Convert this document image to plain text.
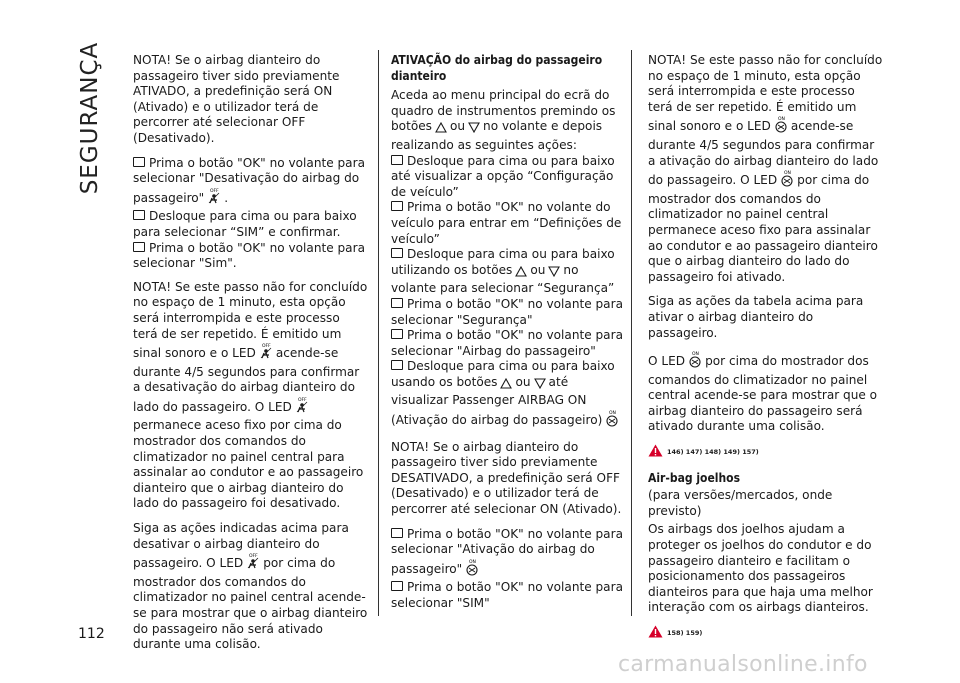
SEGURANÇA
112

NOTA! Se o airbag dianteiro do passageiro tiver sido previamente ATIVADO, a predefinição será ON (Ativado) e o utilizador terá de percorrer até selecionar OFF (Desativado).

Prima o botão "OK" no volante para selecionar "Desativação do airbag do passageiro" OFF .

Desloque para cima ou para baixo para selecionar “SIM” e confirmar.

Prima o botão "OK" no volante para selecionar "Sim".

NOTA! Se este passo não for concluído no espaço de 1 minuto, esta opção será interrompida e este processo terá de ser repetido. É emitido um sinal sonoro e o LED OFF acende-se durante 4/5 segundos para confirmar a desativação do airbag dianteiro do lado do passageiro. O LED OFF
permanece aceso fixo por cima do mostrador dos comandos do climatizador no painel central para assinalar ao condutor e ao passageiro dianteiro que o airbag dianteiro do lado do passageiro foi desativado.

Siga as ações indicadas acima para desativar o airbag dianteiro do passageiro. O LED OFF por cima do mostrador dos comandos do climatizador no painel central acende-se para mostrar que o airbag dianteiro do passageiro não será ativado durante uma colisão.

ATIVAÇÃO do airbag do passageiro dianteiro

Aceda ao menu principal do ecrã do quadro de instrumentos premindo os botões ou no volante e depois realizando as seguintes ações:

Desloque para cima ou para baixo até visualizar a opção “Configuração de veículo”

Prima o botão "OK" no volante do veículo para entrar em “Definições de veículo”

Desloque para cima ou para baixo utilizando os botões ou no volante para selecionar “Segurança”

Prima o botão "OK" no volante para selecionar "Segurança"

Prima o botão "OK" no volante para selecionar "Airbag do passageiro"

Desloque para cima ou para baixo usando os botões ou até visualizar Passenger AIRBAG ON (Ativação do airbag do passageiro) ON

NOTA! Se o airbag dianteiro do passageiro tiver sido previamente DESATIVADO, a predefinição será OFF (Desativado) e o utilizador terá de percorrer até selecionar ON (Ativado).

Prima o botão "OK" no volante para selecionar "Ativação do airbag do passageiro" ON

Prima o botão "OK" no volante para selecionar "SIM"

NOTA! Se este passo não for concluído no espaço de 1 minuto, esta opção será interrompida e este processo terá de ser repetido. É emitido um sinal sonoro e o LED ON acende-se durante 4/5 segundos para confirmar a ativação do airbag dianteiro do lado do passageiro. O LED ON por cima do mostrador dos comandos do climatizador no painel central permanece aceso fixo para assinalar ao condutor e ao passageiro dianteiro que o airbag dianteiro do lado do passageiro foi ativado.

Siga as ações da tabela acima para ativar o airbag dianteiro do passageiro.

O LED ON por cima do mostrador dos comandos do climatizador no painel central acende-se para mostrar que o airbag dianteiro do passageiro será ativado durante uma colisão.

146) 147) 148) 149) 157)

Air-bag joelhos

(para versões/mercados, onde previsto)

Os airbags dos joelhos ajudam a proteger os joelhos do condutor e do passageiro dianteiro e facilitam o posicionamento dos passageiros dianteiros para que haja uma melhor interação com os airbags dianteiros.

158) 159)
carmanualsonline.info
